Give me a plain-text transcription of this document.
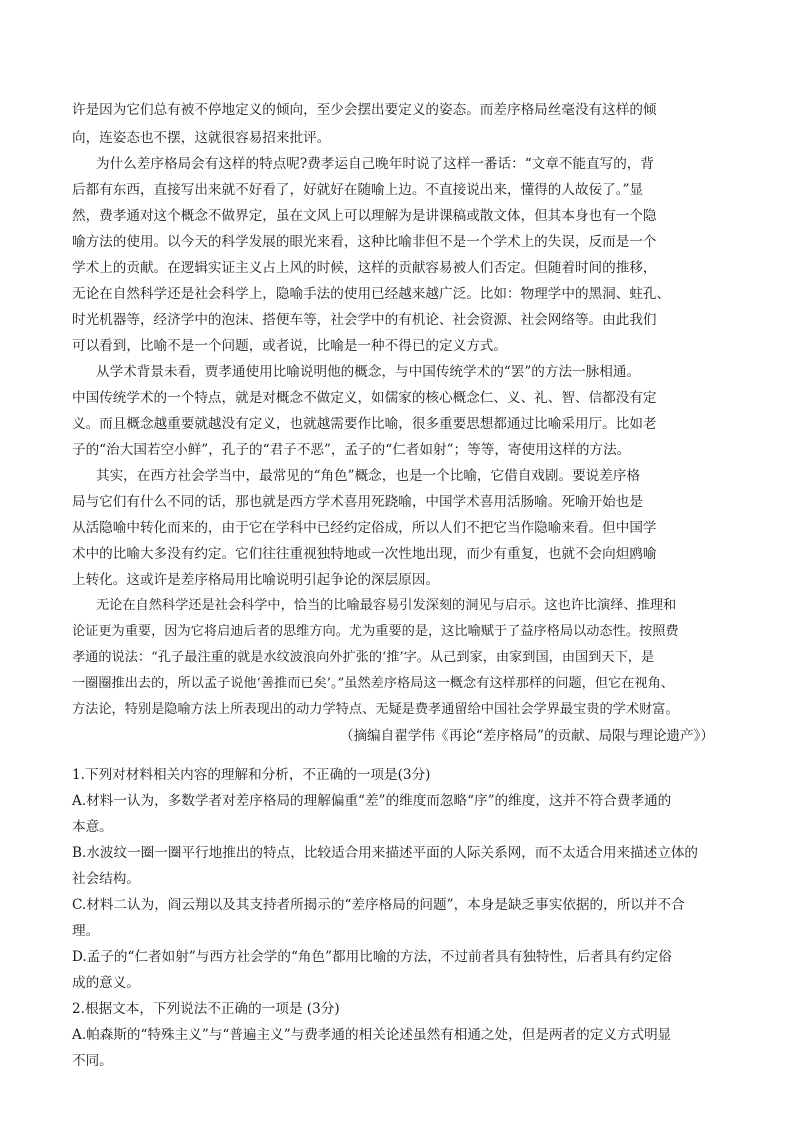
许是因为它们总有被不停地定义的倾向，至少会摆出要定义的姿态。而差序格局丝毫没有这样的倾
向，连姿态也不摆，这就很容易招来批评。
为什么差序格局会有这样的特点呢?费孝运自己晚年时说了这样一番话：“文章不能直写的，背
后都有东西，直接写出来就不好看了，好就好在随喻上边。不直接说出来，懂得的人故佞了。”显
然，费孝通对这个概念不做界定，虽在文风上可以理解为是讲课稿或散文体，但其本身也有一个隐
喻方法的使用。以今天的科学发展的眼光来看，这种比喻非但不是一个学术上的失误，反而是一个
学术上的贡献。在逻辑实证主义占上风的时候，这样的贡献容易被人们否定。但随着时间的推移，
无论在自然科学还是社会科学上，隐喻手法的使用已经越来越广泛。比如：物理学中的黑洞、蛀孔、
时光机器等，经济学中的泡沫、搭便车等，社会学中的有机论、社会资源、社会网络等。由此我们
可以看到，比喻不是一个问题，或者说，比喻是一种不得已的定义方式。
从学术背景未看，贾孝通使用比喻说明他的概念，与中国传统学术的“罢”的方法一脉相通。
中国传统学术的一个特点，就是对概念不做定义，如儒家的核心概念仁、义、礼、智、信都没有定
义。而且概念越重要就越没有定义，也就越需要作比喻，很多重要思想都通过比喻采用厅。比如老
子的“治大国若空小鲜”，孔子的“君子不恶”，孟子的“仁者如射”；等等，寄使用这样的方法。
其实，在西方社会学当中，最常见的“角色”概念，也是一个比喻，它借自戏剧。要说差序格
局与它们有什么不同的话，那也就是西方学术喜用死跷喻，中国学术喜用活肠喻。死喻开始也是
从活隐喻中转化而来的，由于它在学科中已经约定俗成，所以人们不把它当作隐喻来看。但中国学
术中的比喻大多没有约定。它们往往重视独特地或一次性地出现，而少有重复，也就不会向炟鸥喻
上转化。这或许是差序格局用比喻说明引起争论的深层原因。
无论在自然科学还是社会科学中，恰当的比喻最容易引发深刻的洞见与启示。这也许比演绎、推理和
论证更为重要，因为它将启迪后者的思维方向。尤为重要的是，这比喻赋于了益序格局以动态性。按照费
孝通的说法：“孔子最注重的就是水纹波浪向外扩张的‘推’字。从己到家，由家到国，由国到天下，是
一圈圈推出去的，所以孟子说他‘善推而已矣’。”虽然差序格局这一概念有这样那样的问题，但它在视角、
方法论，特别是隐喻方法上所表现出的动力学特点、无疑是费孝通留给中国社会学界最宝贵的学术财富。
（摘编自翟学伟《再论“差序格局”的贡献、局限与理论遗产》）
1.下列对材料相关内容的理解和分析，不正确的一项是(3分)
A.材料一认为，多数学者对差序格局的理解偏重“差”的维度而忽略“序”的维度，这并不符合费孝通的
本意。
B.水波纹一圈一圈平行地推出的特点，比较适合用来描述平面的人际关系网，而不太适合用来描述立体的
社会结构。
C.材料二认为，阎云翔以及其支持者所揭示的“差序格局的问题”，本身是缺乏事实依据的，所以并不合
理。
D.孟子的“仁者如射”与西方社会学的“角色”都用比喻的方法，不过前者具有独特性，后者具有约定俗
成的意义。
2.根据文本，下列说法不正确的一项是 (3分)
A.帕森斯的“特殊主义”与“普遍主义”与费孝通的相关论述虽然有相通之处，但是两者的定义方式明显
不同。
